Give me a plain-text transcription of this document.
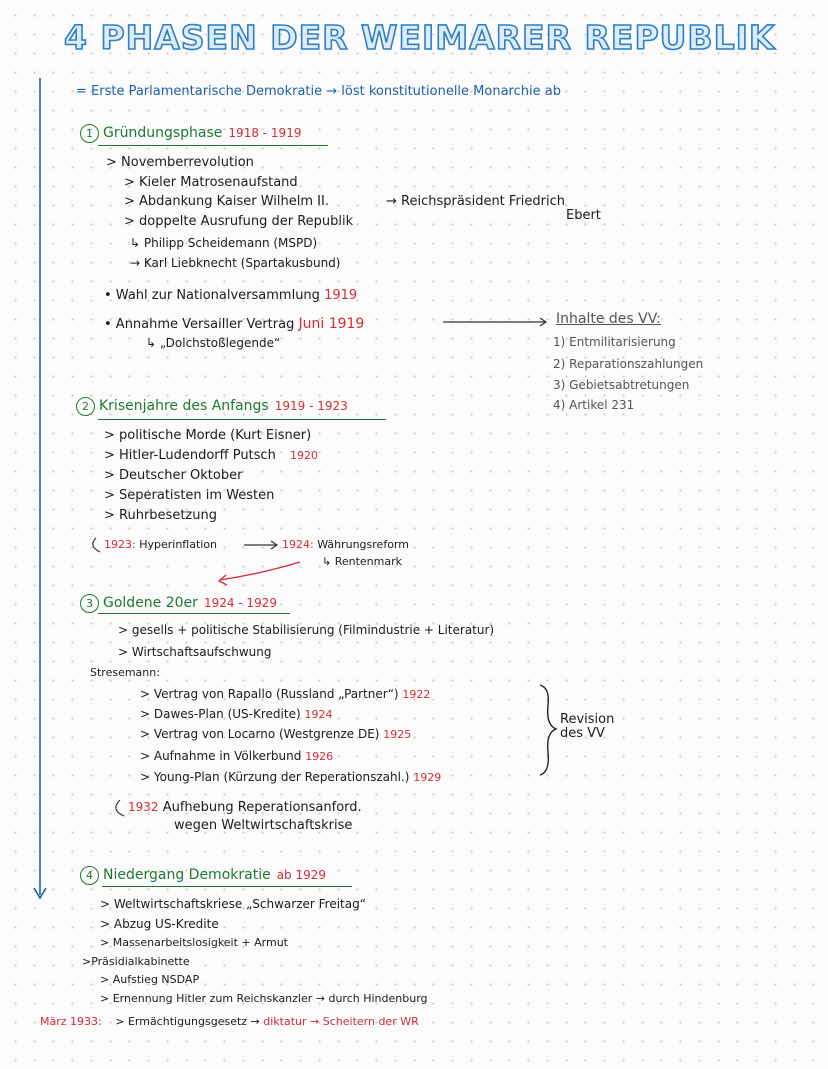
4 PHASEN DER WEIMARER REPUBLIK
= Erste Parlamentarische Demokratie → löst konstitutionelle Monarchie ab
1 Gründungsphase 1918 - 1919
> Novemberrevolution
> Kieler Matrosenaufstand
> Abdankung Kaiser Wilhelm II.
> doppelte Ausrufung der Republik
↳ Philipp Scheidemann (MSPD)
→ Karl Liebknecht (Spartakusbund)
→ Reichspräsident Friedrich
Ebert
• Wahl zur Nationalversammlung 1919
• Annahme Versailler Vertrag Juni 1919
↳ „Dolchstoßlegende“
Inhalte des VV:
1) Entmilitarisierung
2) Reparationszahlungen
3) Gebietsabtretungen
4) Artikel 231
2 Krisenjahre des Anfangs 1919 - 1923
> politische Morde (Kurt Eisner)
> Hitler-Ludendorff Putsch 1920
> Deutscher Oktober
> Seperatisten im Westen
> Ruhrbesetzung
1923: Hyperinflation	1924: Währungsreform
↳ Rentenmark
3 Goldene 20er 1924 - 1929
> gesells + politische Stabilisierung (Filmindustrie + Literatur)
> Wirtschaftsaufschwung
Stresemann:
> Vertrag von Rapallo (Russland „Partner“) 1922
> Dawes-Plan (US-Kredite) 1924
> Vertrag von Locarno (Westgrenze DE) 1925
> Aufnahme in Völkerbund 1926
> Young-Plan (Kürzung der Reperationszahl.) 1929
Revision
des VV
1932 Aufhebung Reperationsanford.
wegen Weltwirtschaftskrise
4 Niedergang Demokratie ab 1929
> Weltwirtschaftskriese „Schwarzer Freitag“
> Abzug US-Kredite
> Massenarbeitslosigkeit + Armut
>Präsidialkabinette
> Aufstieg NSDAP
> Ernennung Hitler zum Reichskanzler → durch Hindenburg
März 1933: > Ermächtigungsgesetz → diktatur → Scheitern der WR
